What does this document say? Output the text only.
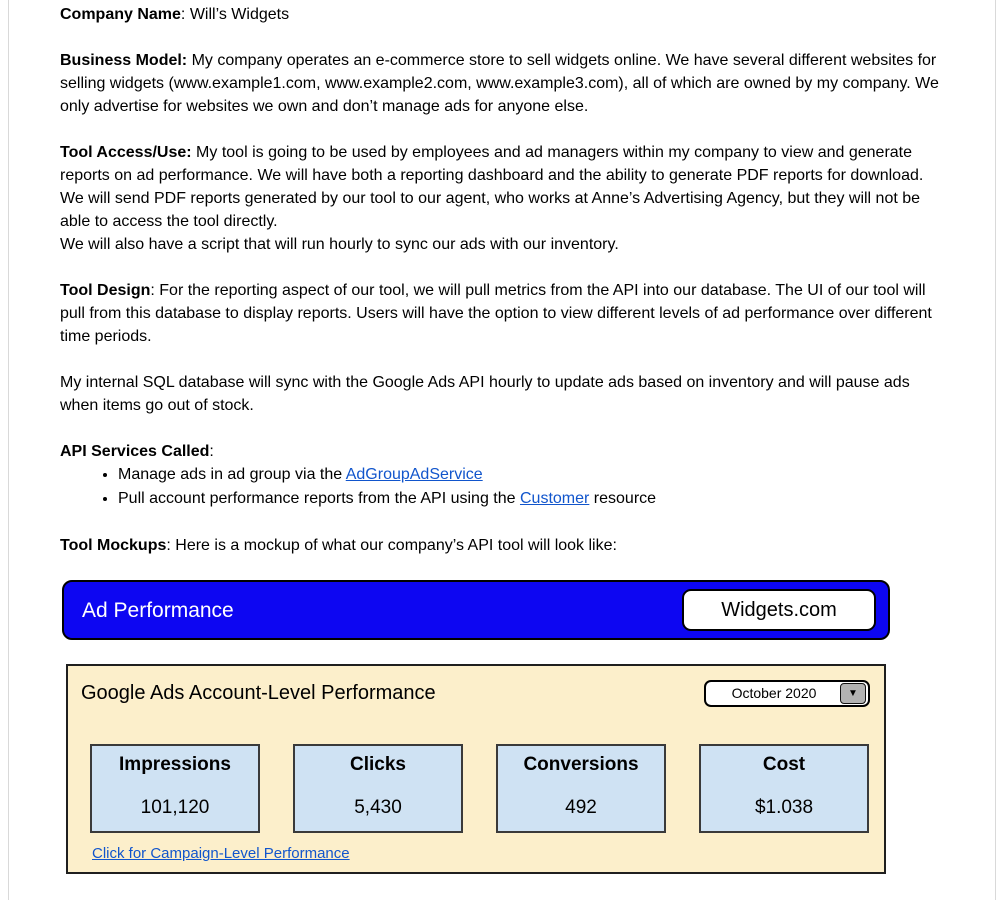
Company Name: Will’s Widgets

Business Model: My company operates an e-commerce store to sell widgets online. We have several different websites for selling widgets (www.example1.com, www.example2.com, www.example3.com), all of which are owned by my company. We only advertise for websites we own and don’t manage ads for anyone else.

Tool Access/Use: My tool is going to be used by employees and ad managers within my company to view and generate reports on ad performance. We will have both a reporting dashboard and the ability to generate PDF reports for download. We will send PDF reports generated by our tool to our agent, who works at Anne’s Advertising Agency, but they will not be able to access the tool directly.
We will also have a script that will run hourly to sync our ads with our inventory.

Tool Design: For the reporting aspect of our tool, we will pull metrics from the API into our database. The UI of our tool will pull from this database to display reports. Users will have the option to view different levels of ad performance over different time periods.

My internal SQL database will sync with the Google Ads API hourly to update ads based on inventory and will pause ads when items go out of stock.

API Services Called:

• Manage ads in ad group via the AdGroupAdService
• Pull account performance reports from the API using the Customer resource

Tool Mockups: Here is a mockup of what our company’s API tool will look like:

Ad Performance	Widgets.com
Google Ads Account-Level Performance	October 2020	▼
Impressions
101,120
Clicks
5,430
Conversions
492
Cost
$1.038
Click for Campaign-Level Performance
